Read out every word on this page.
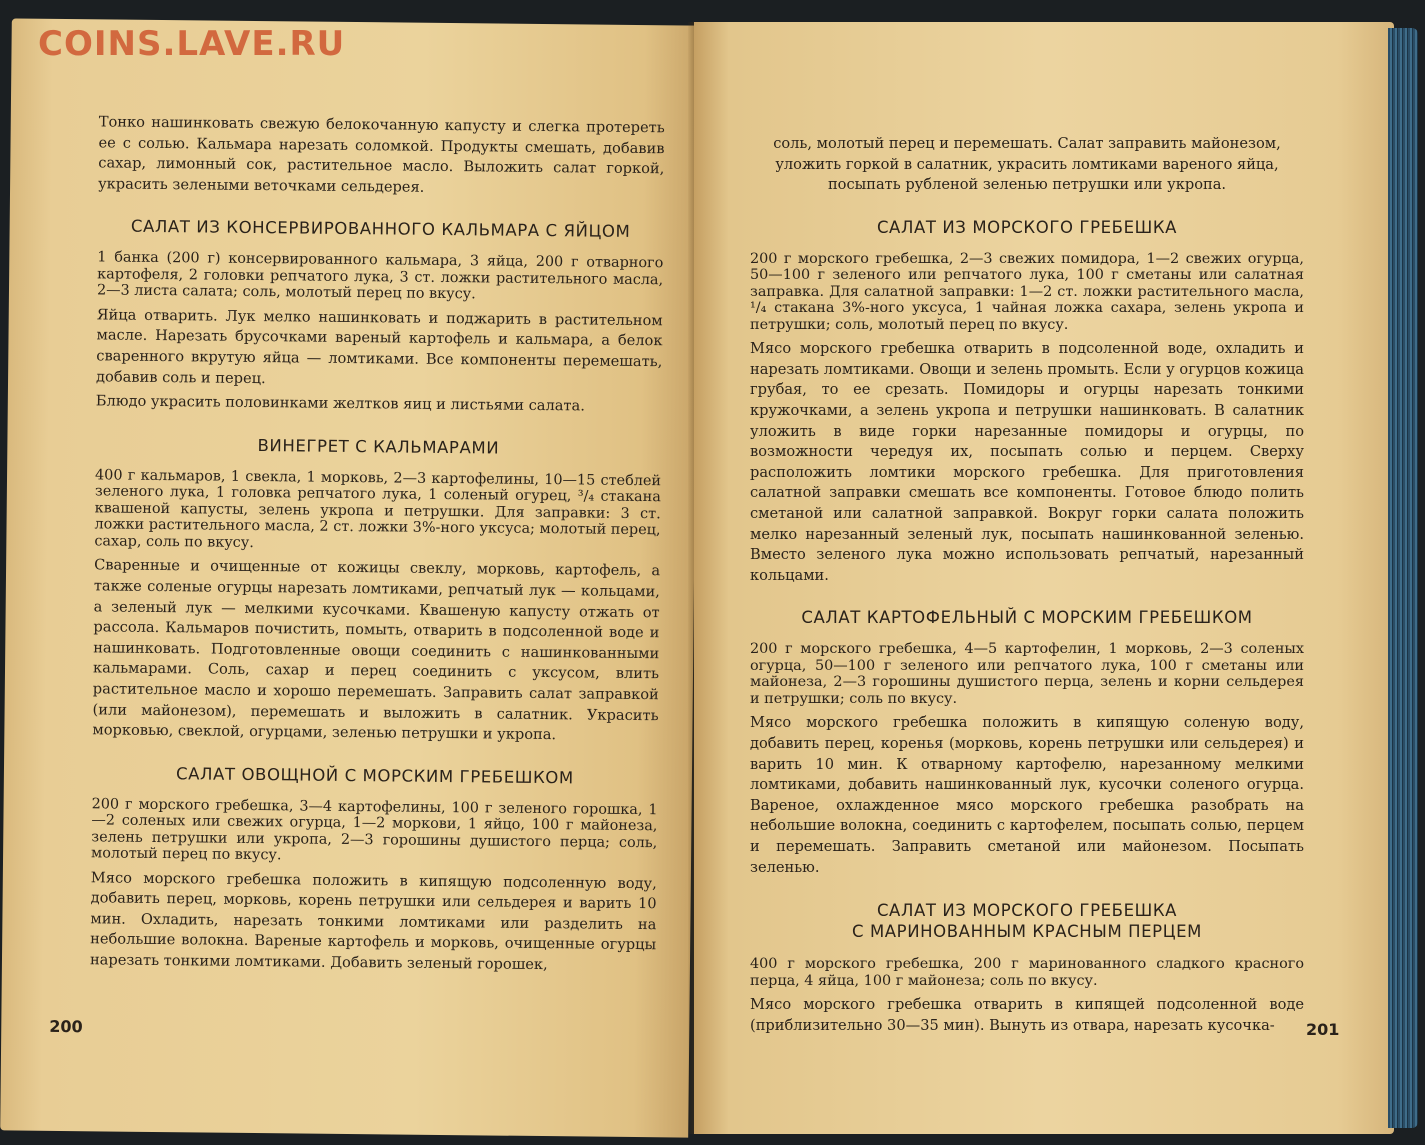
COINS.LAVE.RU

Тонко нашинковать свежую белокочанную капусту и слегка протереть ее с солью. Кальмара нарезать соломкой. Продукты смешать, добавив сахар, лимонный сок, растительное масло. Выложить салат горкой, украсить зелеными веточками сельдерея.

САЛАТ ИЗ КОНСЕРВИРОВАННОГО КАЛЬМАРА С ЯЙЦОМ

1 банка (200 г) консервированного кальмара, 3 яйца, 200 г отварного картофеля, 2 головки репчатого лука, 3 ст. ложки растительного масла, 2—3 листа салата; соль, молотый перец по вкусу.

Яйца отварить. Лук мелко нашинковать и поджарить в растительном масле. Нарезать брусочками вареный картофель и кальмара, а белок сваренного вкрутую яйца — ломтиками. Все компоненты перемешать, добавив соль и перец.

Блюдо украсить половинками желтков яиц и листьями салата.

ВИНЕГРЕТ С КАЛЬМАРАМИ

400 г кальмаров, 1 свекла, 1 морковь, 2—3 картофелины, 10—15 стеблей зеленого лука, 1 головка репчатого лука, 1 соленый огурец, ³/₄ стакана квашеной капусты, зелень укропа и петрушки. Для заправки: 3 ст. ложки растительного масла, 2 ст. ложки 3%-ного уксуса; молотый перец, сахар, соль по вкусу.

Сваренные и очищенные от кожицы свеклу, морковь, картофель, а также соленые огурцы нарезать ломтиками, репчатый лук — кольцами, а зеленый лук — мелкими кусочками. Квашеную капусту отжать от рассола. Кальмаров почистить, помыть, отварить в подсоленной воде и нашинковать. Подготовленные овощи соединить с нашинкованными кальмарами. Соль, сахар и перец соединить с уксусом, влить растительное масло и хорошо перемешать. Заправить салат заправкой (или майонезом), перемешать и выложить в салатник. Украсить морковью, свеклой, огурцами, зеленью петрушки и укропа.

САЛАТ ОВОЩНОЙ С МОРСКИМ ГРЕБЕШКОМ

200 г морского гребешка, 3—4 картофелины, 100 г зеленого горошка, 1—2 соленых или свежих огурца, 1—2 моркови, 1 яйцо, 100 г майонеза, зелень петрушки или укропа, 2—3 горошины душистого перца; соль, молотый перец по вкусу.

Мясо морского гребешка положить в кипящую подсоленную воду, добавить перец, морковь, корень петрушки или сельдерея и варить 10 мин. Охладить, нарезать тонкими ломтиками или разделить на небольшие волокна. Вареные картофель и морковь, очищенные огурцы нарезать тонкими ломтиками. Добавить зеленый горошек,

200

соль, молотый перец и перемешать. Салат заправить майонезом, уложить горкой в салатник, украсить ломтиками вареного яйца, посыпать рубленой зеленью петрушки или укропа.

САЛАТ ИЗ МОРСКОГО ГРЕБЕШКА

200 г морского гребешка, 2—3 свежих помидора, 1—2 свежих огурца, 50—100 г зеленого или репчатого лука, 100 г сметаны или салатная заправка. Для салатной заправки: 1—2 ст. ложки растительного масла, ¹/₄ стакана 3%-ного уксуса, 1 чайная ложка сахара, зелень укропа и петрушки; соль, молотый перец по вкусу.

Мясо морского гребешка отварить в подсоленной воде, охладить и нарезать ломтиками. Овощи и зелень промыть. Если у огурцов кожица грубая, то ее срезать. Помидоры и огурцы нарезать тонкими кружочками, а зелень укропа и петрушки нашинковать. В салатник уложить в виде горки нарезанные помидоры и огурцы, по возможности чередуя их, посыпать солью и перцем. Сверху расположить ломтики морского гребешка. Для приготовления салатной заправки смешать все компоненты. Готовое блюдо полить сметаной или салатной заправкой. Вокруг горки салата положить мелко нарезанный зеленый лук, посыпать нашинкованной зеленью. Вместо зеленого лука можно использовать репчатый, нарезанный кольцами.

САЛАТ КАРТОФЕЛЬНЫЙ С МОРСКИМ ГРЕБЕШКОМ

200 г морского гребешка, 4—5 картофелин, 1 морковь, 2—3 соленых огурца, 50—100 г зеленого или репчатого лука, 100 г сметаны или майонеза, 2—3 горошины душистого перца, зелень и корни сельдерея и петрушки; соль по вкусу.

Мясо морского гребешка положить в кипящую соленую воду, добавить перец, коренья (морковь, корень петрушки или сельдерея) и варить 10 мин. К отварному картофелю, нарезанному мелкими ломтиками, добавить нашинкованный лук, кусочки соленого огурца. Вареное, охлажденное мясо морского гребешка разобрать на небольшие волокна, соединить с картофелем, посыпать солью, перцем и перемешать. Заправить сметаной или майонезом. Посыпать зеленью.

САЛАТ ИЗ МОРСКОГО ГРЕБЕШКА
С МАРИНОВАННЫМ КРАСНЫМ ПЕРЦЕМ

400 г морского гребешка, 200 г маринованного сладкого красного перца, 4 яйца, 100 г майонеза; соль по вкусу.

Мясо морского гребешка отварить в кипящей подсоленной воде (приблизительно 30—35 мин). Вынуть из отвара, нарезать кусочка-	201
